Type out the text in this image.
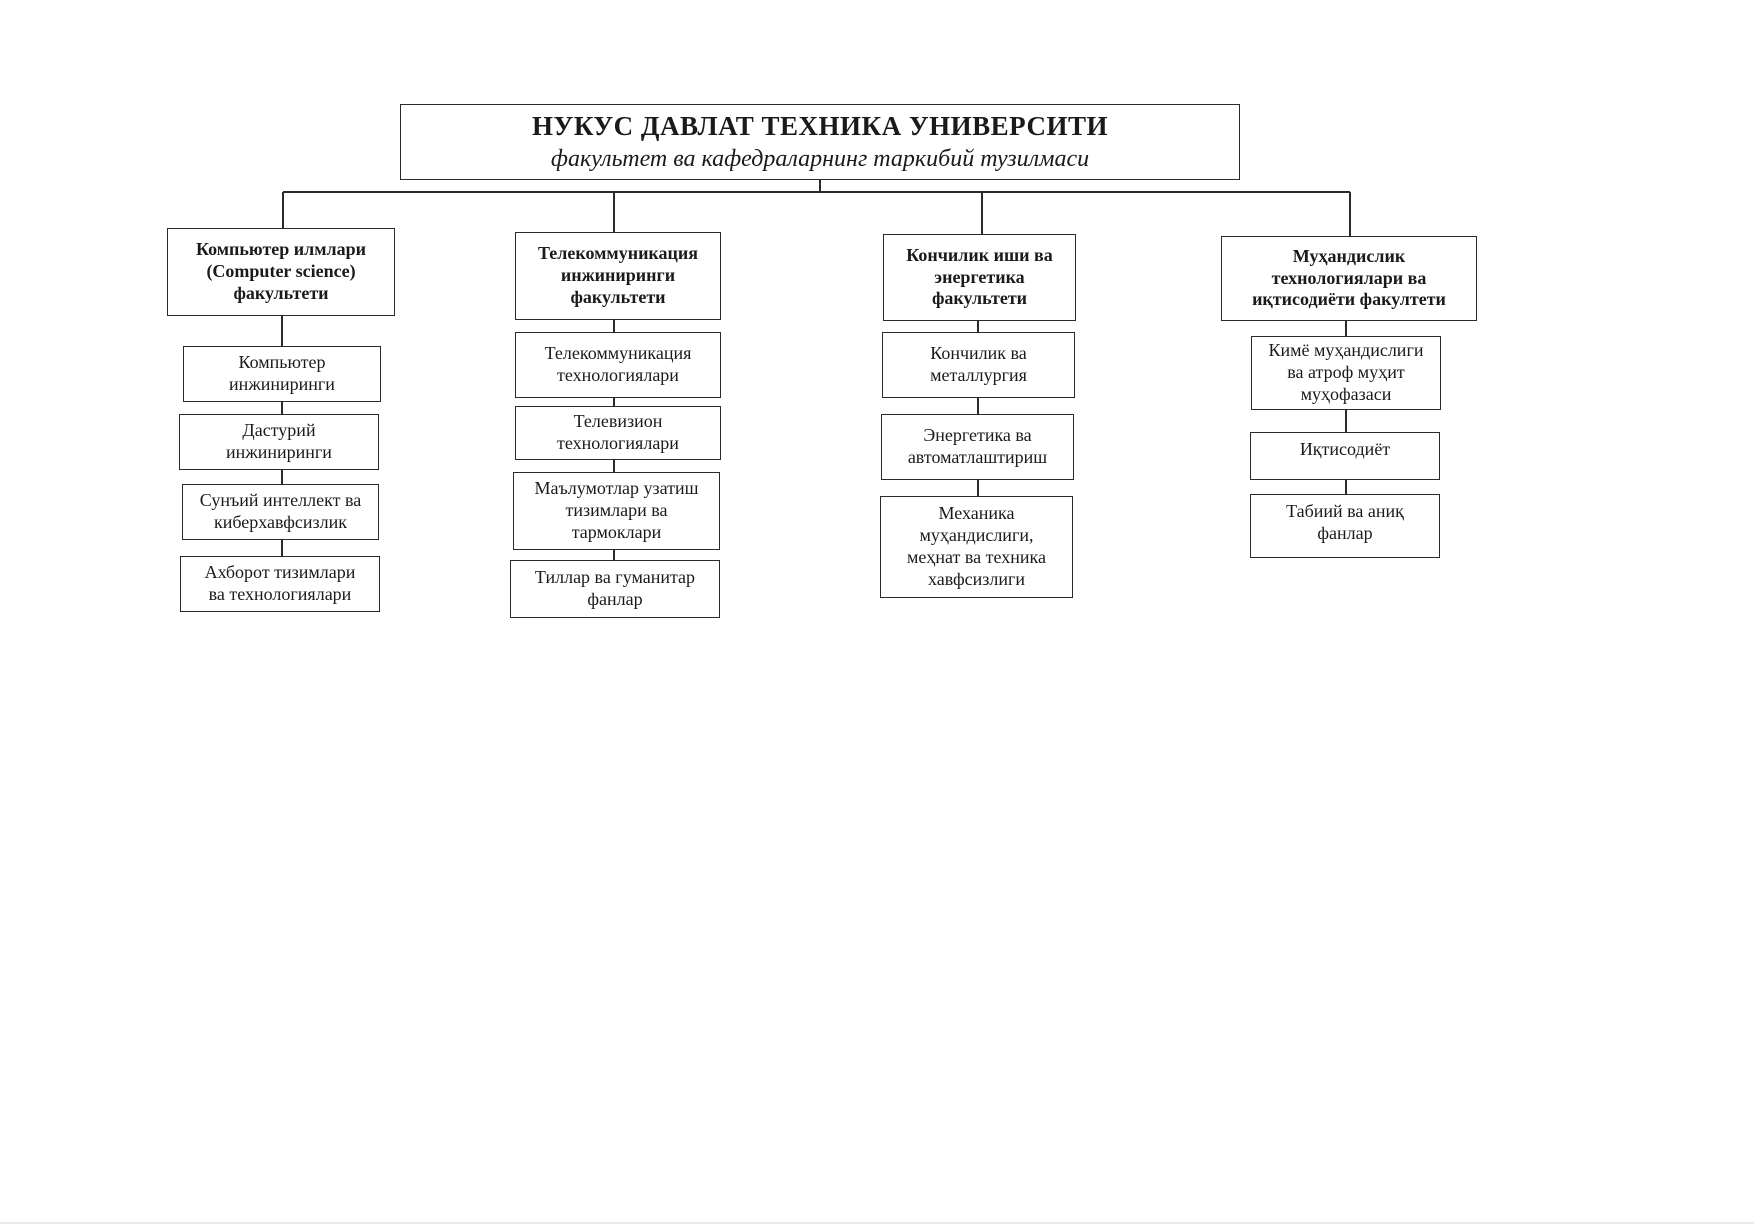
НУКУС ДАВЛАТ ТЕХНИКА УНИВЕРСИТИ
факультет ва кафедраларнинг таркибий тузилмаси
Компьютер илмлари
(Computer science)
факультети
Компьютер
инжиниринги
Дастурий
инжиниринги
Сунъий интеллект ва
киберхавфсизлик
Ахборот тизимлари
ва технологиялари
Телекоммуникация
инжиниринги
факультети
Телекоммуникация
технологиялари
Телевизион
технологиялари
Маълумотлар узатиш
тизимлари ва
тармоклари
Тиллар ва гуманитар
фанлар
Кончилик иши ва
энергетика
факультети
Кончилик ва
металлургия
Энергетика ва
автоматлаштириш
Механика
муҳандислиги,
меҳнат ва техника
хавфсизлиги
Муҳандислик
технологиялари ва
иқтисодиёти факултети
Кимё муҳандислиги
ва атроф муҳит
муҳофазаси
Иқтисодиёт
Табиий ва аниқ
фанлар
